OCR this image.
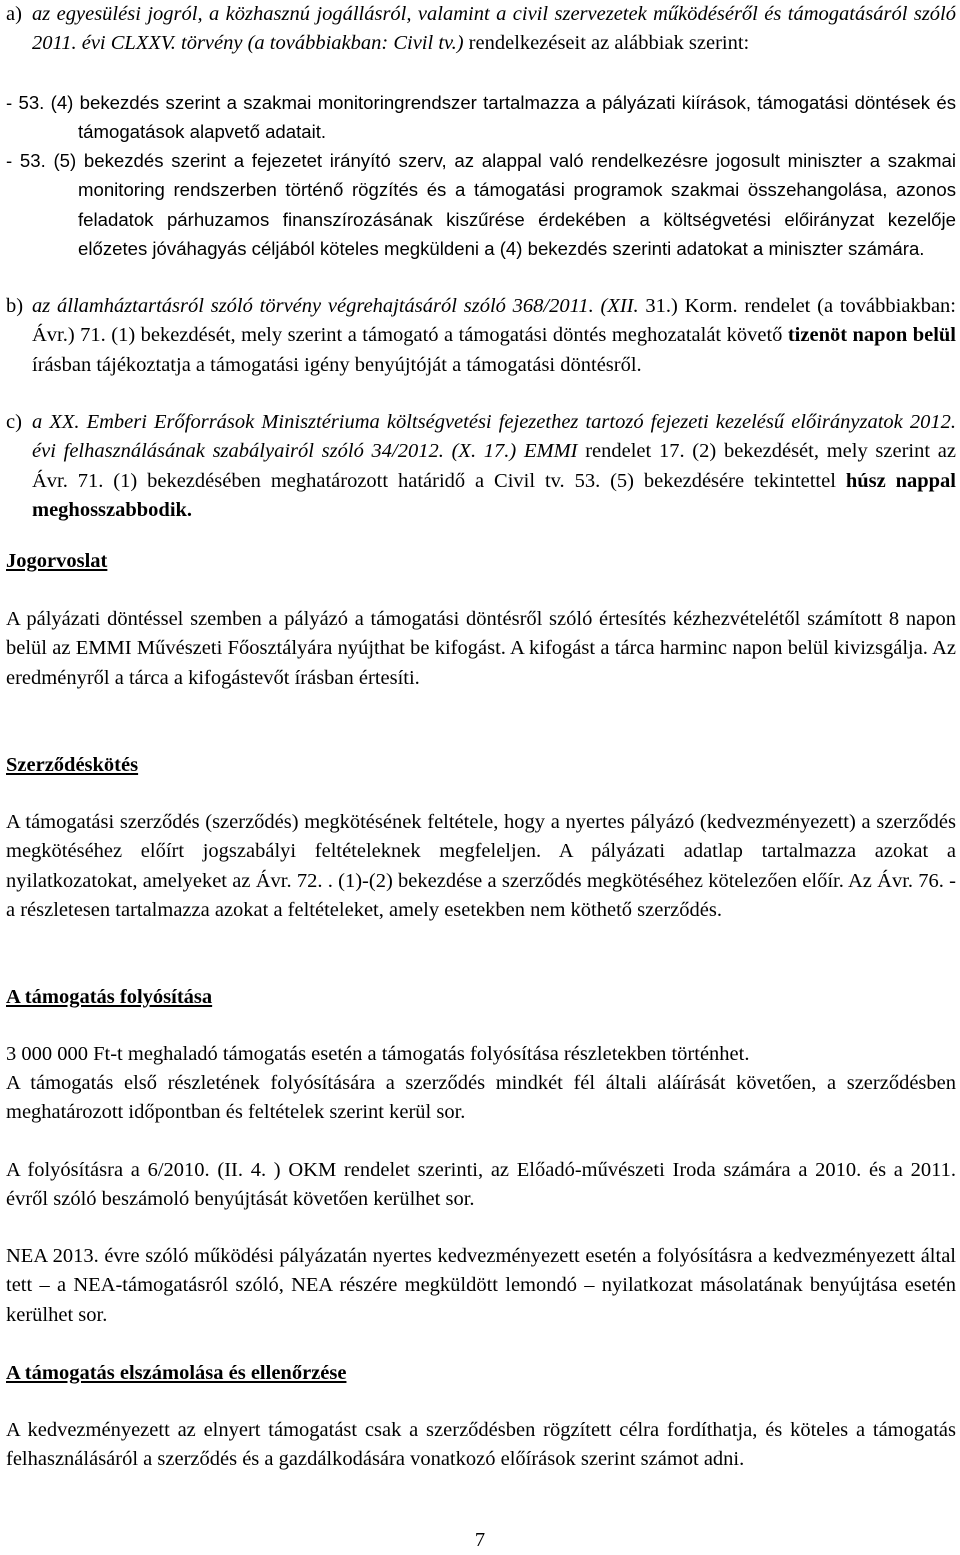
a) az egyesülési jogról, a közhasznú jogállásról, valamint a civil szervezetek működéséről és támogatásáról szóló 2011. évi CLXXV. törvény (a továbbiakban: Civil tv.) rendelkezéseit az alábbiak szerint:

- 53. (4) bekezdés szerint a szakmai monitoringrendszer tartalmazza a pályázati kiírások, támogatási döntések és támogatások alapvető adatait.

- 53. (5) bekezdés szerint a fejezetet irányító szerv, az alappal való rendelkezésre jogosult miniszter a szakmai monitoring rendszerben történő rögzítés és a támogatási programok szakmai összehangolása, azonos feladatok párhuzamos finanszírozásának kiszűrése érdekében a költségvetési előirányzat kezelője előzetes jóváhagyás céljából köteles megküldeni a (4) bekezdés szerinti adatokat a miniszter számára.

b) az államháztartásról szóló törvény végrehajtásáról szóló 368/2011. (XII. 31.) Korm. rendelet (a továbbiakban: Ávr.) 71. (1) bekezdését, mely szerint a támogató a támogatási döntés meghozatalát követő tizenöt napon belül írásban tájékoztatja a támogatási igény benyújtóját a támogatási döntésről.

c) a XX. Emberi Erőforrások Minisztériuma költségvetési fejezethez tartozó fejezeti kezelésű előirányzatok 2012. évi felhasználásának szabályairól szóló 34/2012. (X. 17.) EMMI rendelet 17. (2) bekezdését, mely szerint az Ávr. 71. (1) bekezdésében meghatározott határidő a Civil tv. 53. (5) bekezdésére tekintettel húsz nappal meghosszabbodik.

Jogorvoslat

A pályázati döntéssel szemben a pályázó a támogatási döntésről szóló értesítés kézhezvételétől számított 8 napon belül az EMMI Művészeti Főosztályára nyújthat be kifogást. A kifogást a tárca harminc napon belül kivizsgálja. Az eredményről a tárca a kifogástevőt írásban értesíti.

Szerződéskötés

A támogatási szerződés (szerződés) megkötésének feltétele, hogy a nyertes pályázó (kedvezményezett) a szerződés megkötéséhez előírt jogszabályi feltételeknek megfeleljen. A pályázati adatlap tartalmazza azokat a nyilatkozatokat, amelyeket az Ávr. 72. . (1)-(2) bekezdése a szerződés megkötéséhez kötelezően előír. Az Ávr. 76. -a részletesen tartalmazza azokat a feltételeket, amely esetekben nem köthető szerződés.

A támogatás folyósítása

3 000 000 Ft-t meghaladó támogatás esetén a támogatás folyósítása részletekben történhet.

A támogatás első részletének folyósítására a szerződés mindkét fél általi aláírását követően, a szerződésben meghatározott időpontban és feltételek szerint kerül sor.

A folyósításra a 6/2010. (II. 4. ) OKM rendelet szerinti, az Előadó-művészeti Iroda számára a 2010. és a 2011. évről szóló beszámoló benyújtását követően kerülhet sor.

NEA 2013. évre szóló működési pályázatán nyertes kedvezményezett esetén a folyósításra a kedvezményezett által tett – a NEA-támogatásról szóló, NEA részére megküldött lemondó – nyilatkozat másolatának benyújtása esetén kerülhet sor.

A támogatás elszámolása és ellenőrzése

A kedvezményezett az elnyert támogatást csak a szerződésben rögzített célra fordíthatja, és köteles a támogatás felhasználásáról a szerződés és a gazdálkodására vonatkozó előírások szerint számot adni.

7
